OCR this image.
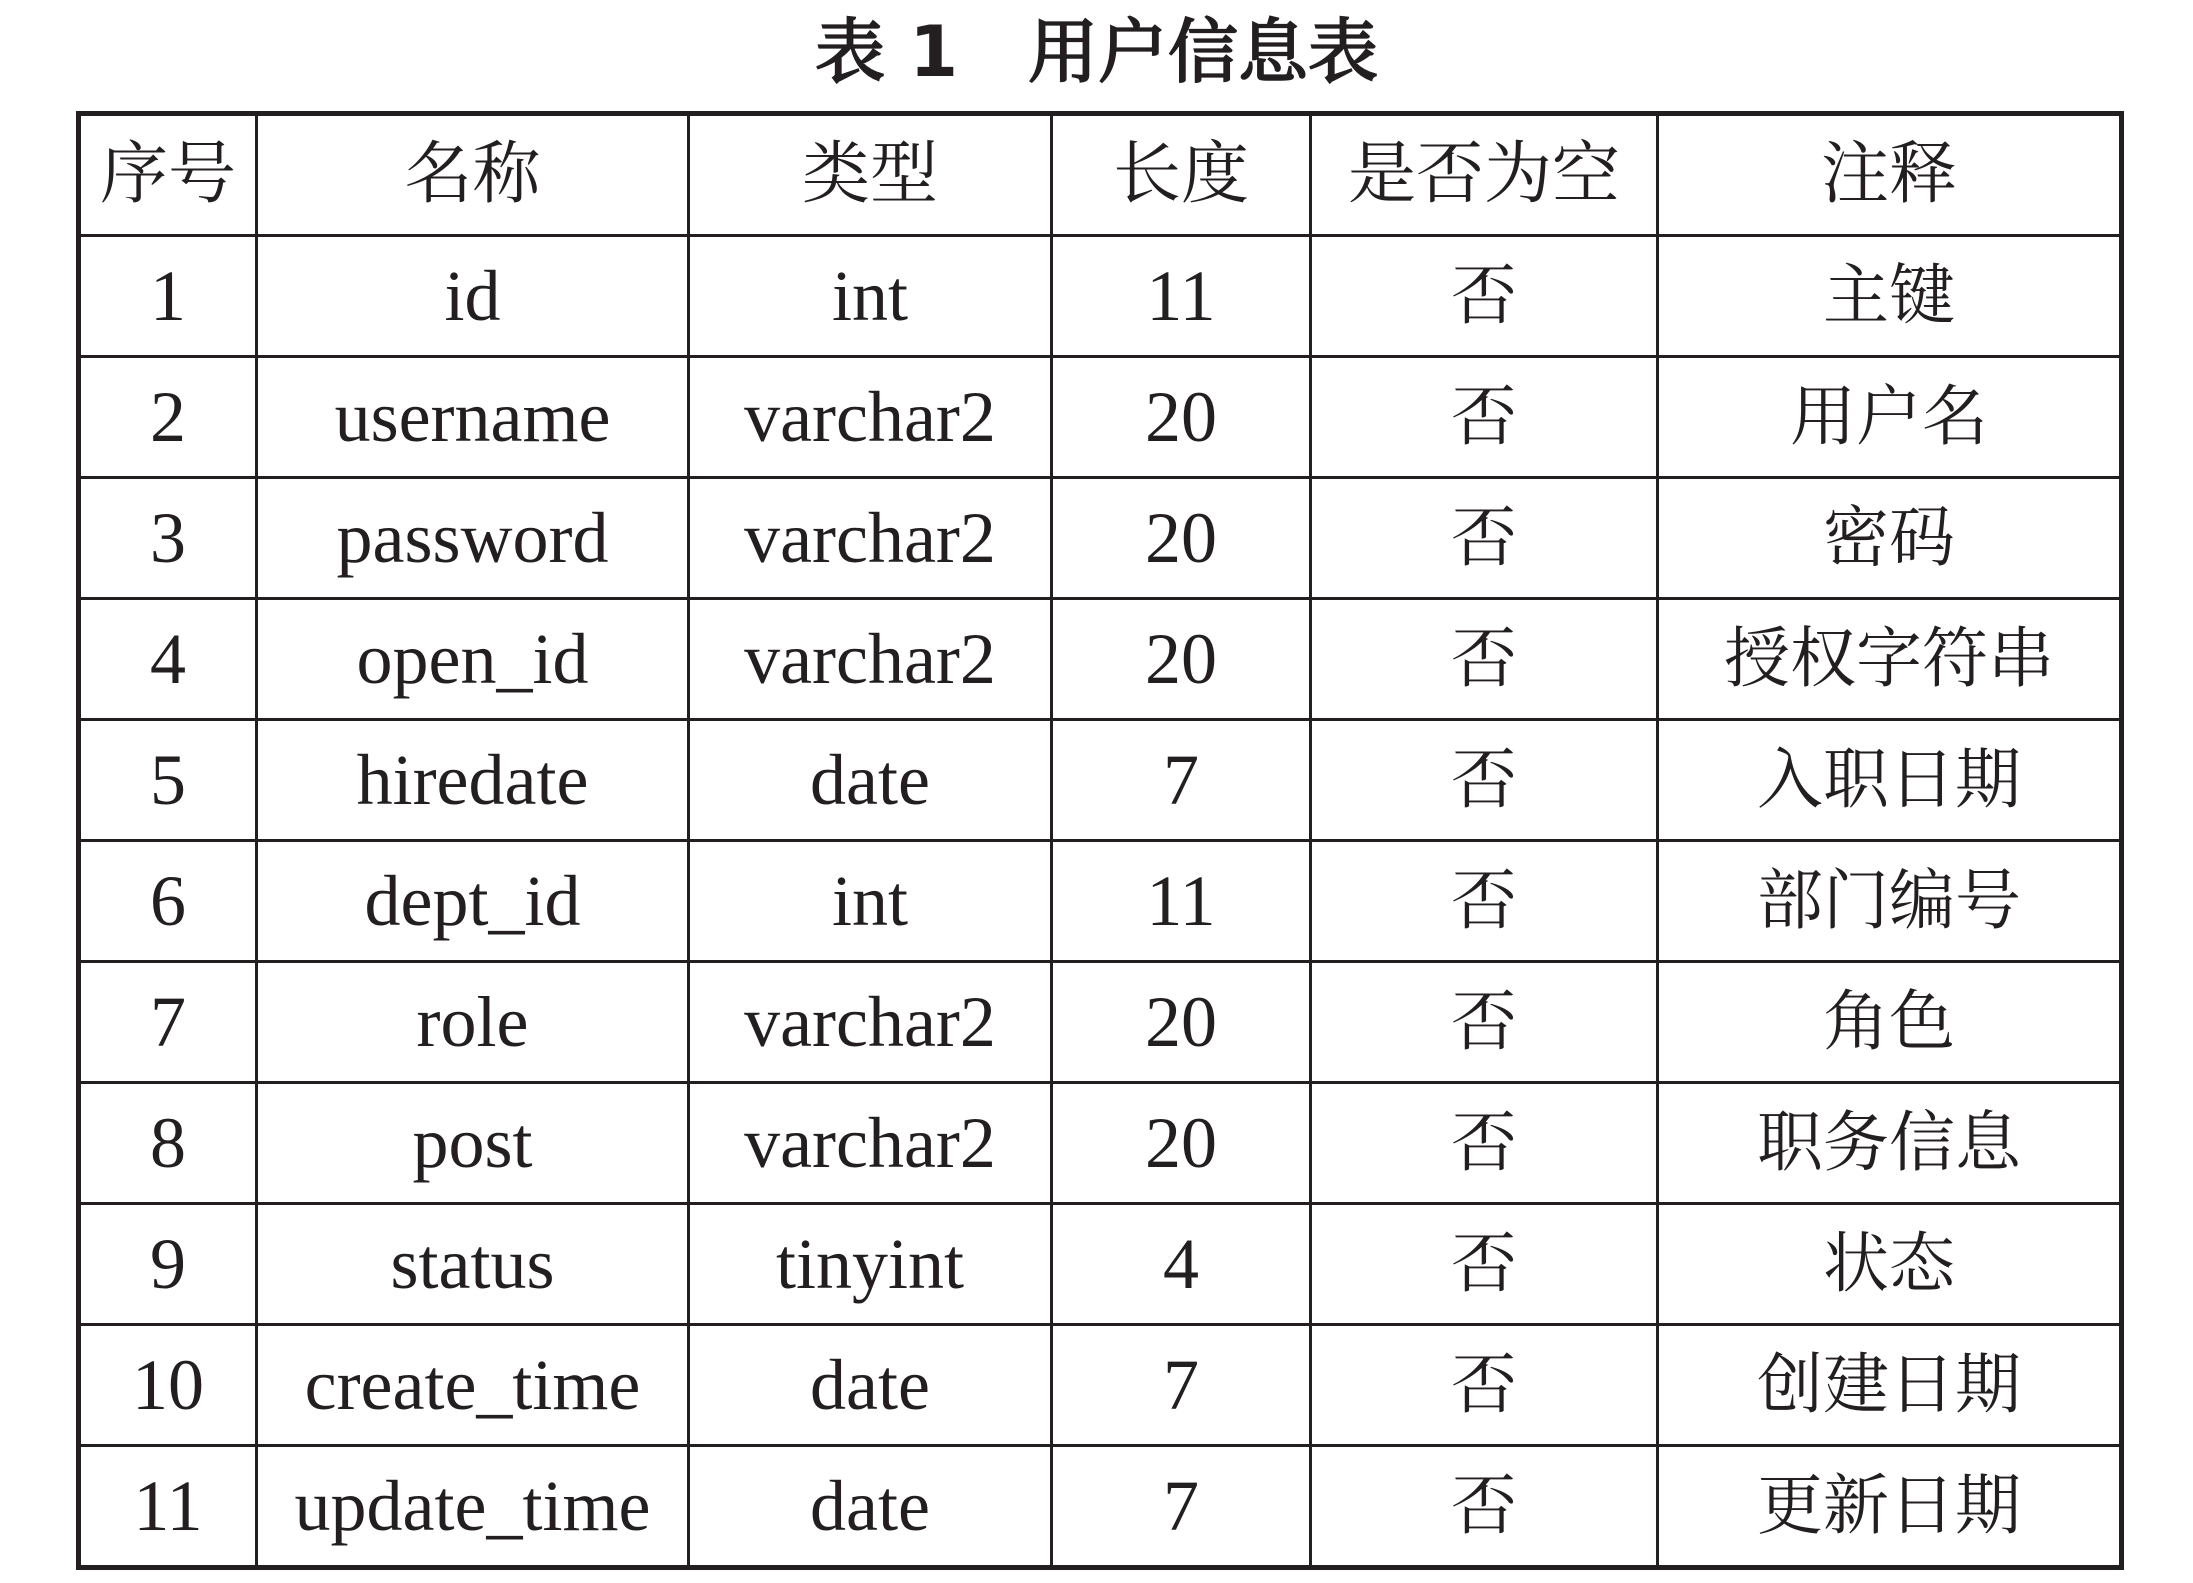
表 1　用户信息表
序号	名称	类型	长度	是否为空	注释
1	id	int	11	否	主键
2	username	varchar2	20	否	用户名
3	password	varchar2	20	否	密码
4	open_id	varchar2	20	否	授权字符串
5	hiredate	date	7	否	入职日期
6	dept_id	int	11	否	部门编号
7	role	varchar2	20	否	角色
8	post	varchar2	20	否	职务信息
9	status	tinyint	4	否	状态
10	create_time	date	7	否	创建日期
11	update_time	date	7	否	更新日期
